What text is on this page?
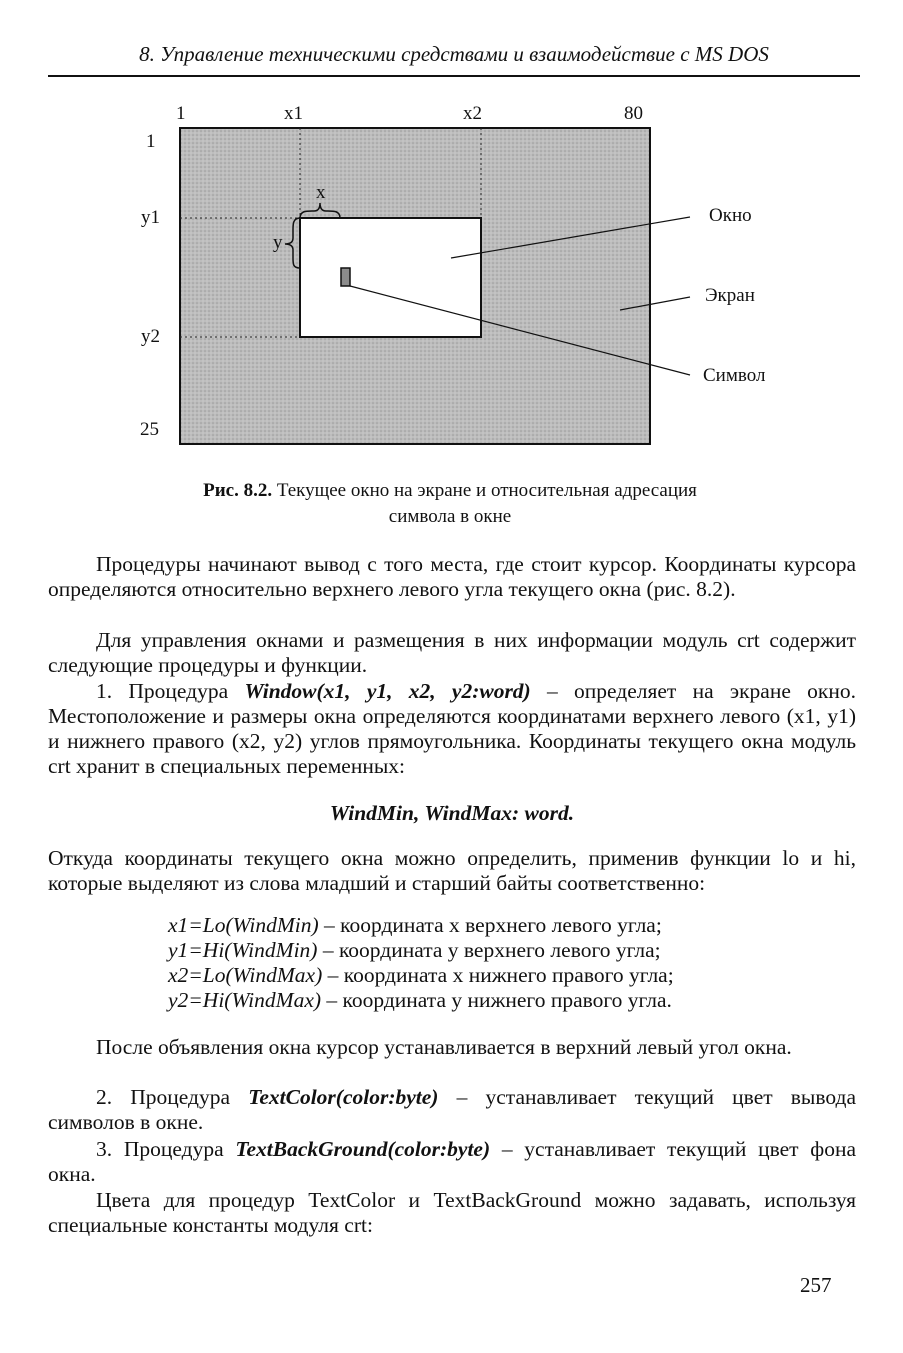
8. Управление техническими средствами и взаимодействие с MS DOS
1	x1	x2	80
1
y1
y2
25
x
y
Окно
Экран
Символ
Рис. 8.2. Текущее окно на экране и относительная адресация
символа в окне
Процедуры начинают вывод с того места, где стоит курсор. Координаты курсора определяются относительно верхнего левого угла текущего окна (рис. 8.2).
Для управления окнами и размещения в них информации модуль crt содержит следующие процедуры и функции.
1. Процедура Window(x1, y1, x2, y2:word) – определяет на экране окно. Местоположение и размеры окна определяются координатами верхнего левого (x1, y1) и нижнего правого (x2, y2) углов прямоугольника. Координаты текущего окна модуль crt хранит в специальных переменных:
WindMin, WindMax: word.
Откуда координаты текущего окна можно определить, применив функции lo и hi, которые выделяют из слова младший и старший байты соответственно:
x1=Lo(WindMin) – координата x верхнего левого угла;
y1=Hi(WindMin) – координата y верхнего левого угла;
x2=Lo(WindMax) – координата x нижнего правого угла;
y2=Hi(WindMax) – координата y нижнего правого угла.
После объявления окна курсор устанавливается в верхний левый угол окна.
2. Процедура TextColor(color:byte) – устанавливает текущий цвет вывода символов в окне.
3. Процедура TextBackGround(color:byte) – устанавливает текущий цвет фона окна.
Цвета для процедур TextColor и TextBackGround можно задавать, используя специальные константы модуля crt:
257
